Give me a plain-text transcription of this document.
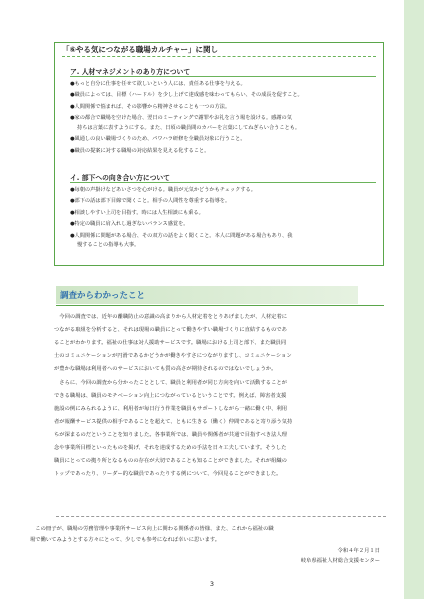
「⑥やる気につながる職場カルチャー」に関し
ア. 人材マネジメントのあり方について
●もっと自分に仕事を任せて欲しいという人には、責任ある仕事を与える。
●職員によっては、目標（ハードル）を少し上げて達成感を味わってもらい、その成長を促すこと。
●人間関係で悩まれば、その影響から精神させることも一つの方法。
●家の都合で職場を空けた場合、翌日のミーティングで謝罪やお礼を言う場を設ける。感謝の気

持ちは言葉に表すようにする。また、日頃の職員間のカバーを言葉にしてねぎらい合うことも。
●風通しの良い職場づくりのため、パワハラ研修を全職員対象に行うこと。
●職員の提案に対する職場の対応結果を見える化すること。
イ. 部下への向き合い方について
●毎朝の声掛けなどあいさつを心がける。職員が元気かどうかもチェックする。
●部下の話は部下目線で聞くこと。相手の人間性を尊重する指導を。
●相談しやすい上司を目指す。時には人生相談にも乗る。
●特定の職員に肩入れし過ぎないバランス感覚を。
●人間関係に問題がある場合、その双方の話をよく聞くこと。本人に問題がある場合もあり、我

慢することの指導も大事。
調査からわかったこと
　今回の調査では、近年の離職防止の意識の高まりから人材定着をとりあげましたが、人材定着に
つながる取組を分析すると、それは現場の職員にとって働きやすい職場づくりに直結するものであ
ることがわかります。福祉の仕事は対人援助サービスです。職場における上司と部下、また職員同
士のコミュニケーションが円滑であるかどうかが働きやすさにつながりますし、コミュニケーション
が豊かな職場は利用者へのサービスにおいても質の高さが期待されるのではないでしょうか。
　さらに、今回の調査から分かったこととして、職員と利用者が同じ方向を向いて活動することが
できる職場は、職員のモチベーション向上につながっているということです。例えば、障害者支援
施設の例にみられるように、利用者が毎日行う作業を職員もサポートしながら一緒に働く中、利用
者が報酬サービス提供の相手であることを超えて、ともに生きる（働く）仲間であると寄り添う気持
ちが深まるのだということを知りました。各事業所では、職員や関係者が共通で目指すべき法人理
念や事業所目標といったものを掲げ、それを達成するための手法を日々工夫しています。そうした
職員にとっての拠り所となるものの存在が大切であることも知ることができました。それが組織の
トップであったり、リーダー的な職員であったりする例について、今回見ることができました。
　この冊子が、職場の労務管理や事業所サービス向上に関わる関係者の皆様、また、これから福祉の職
場で働いてみようとする方々にとって、少しでも参考になれば幸いに思います。
令和４年２月１日
岐阜県福祉人材総合支援センター
3
